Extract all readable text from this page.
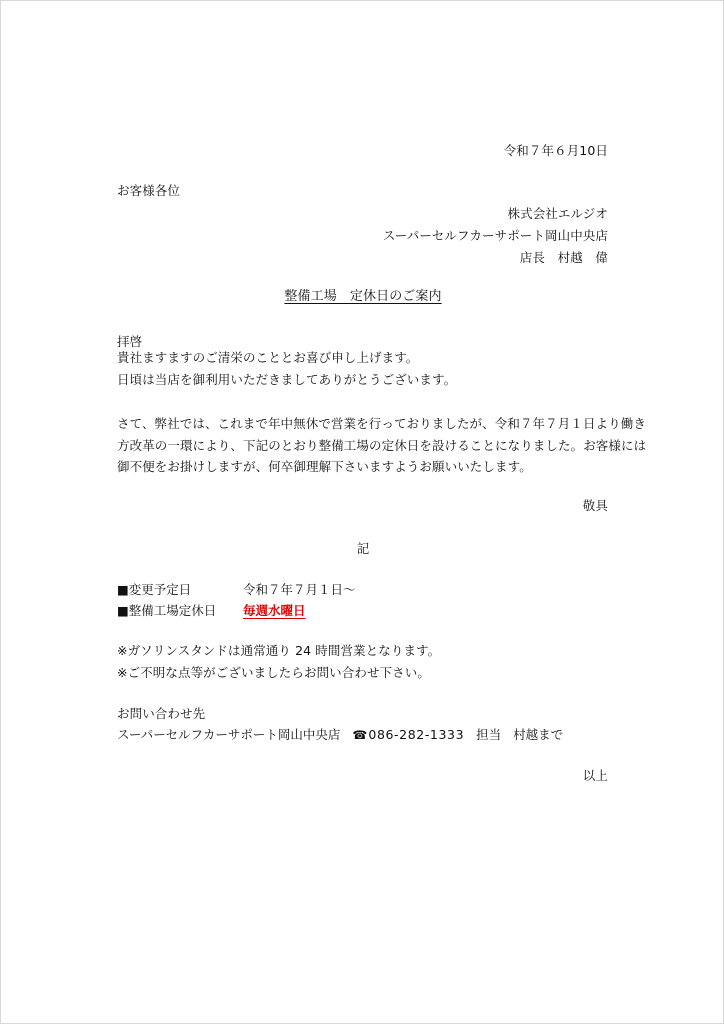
令和７年６月10日
お客様各位
株式会社エルジオ
スーパーセルフカーサポート岡山中央店
店長　村越　偉
整備工場　定休日のご案内
拝啓
貴社ますますのご清栄のこととお喜び申し上げます。
日頃は当店を御利用いただきましてありがとうございます。
さて、弊社では、これまで年中無休で営業を行っておりましたが、令和７年７月１日より働き
方改革の一環により、下記のとおり整備工場の定休日を設けることになりました。お客様には
御不便をお掛けしますが、何卒御理解下さいますようお願いいたします。
敬具
記
■変更予定日	令和７年７月１日～
■整備工場定休日 毎週水曜日
※ガソリンスタンドは通常通り 24 時間営業となります。
※ご不明な点等がございましたらお問い合わせ下さい。
お問い合わせ先
スーパーセルフカーサポート岡山中央店 ☎086-282-1333 担当 村越まで
以上
